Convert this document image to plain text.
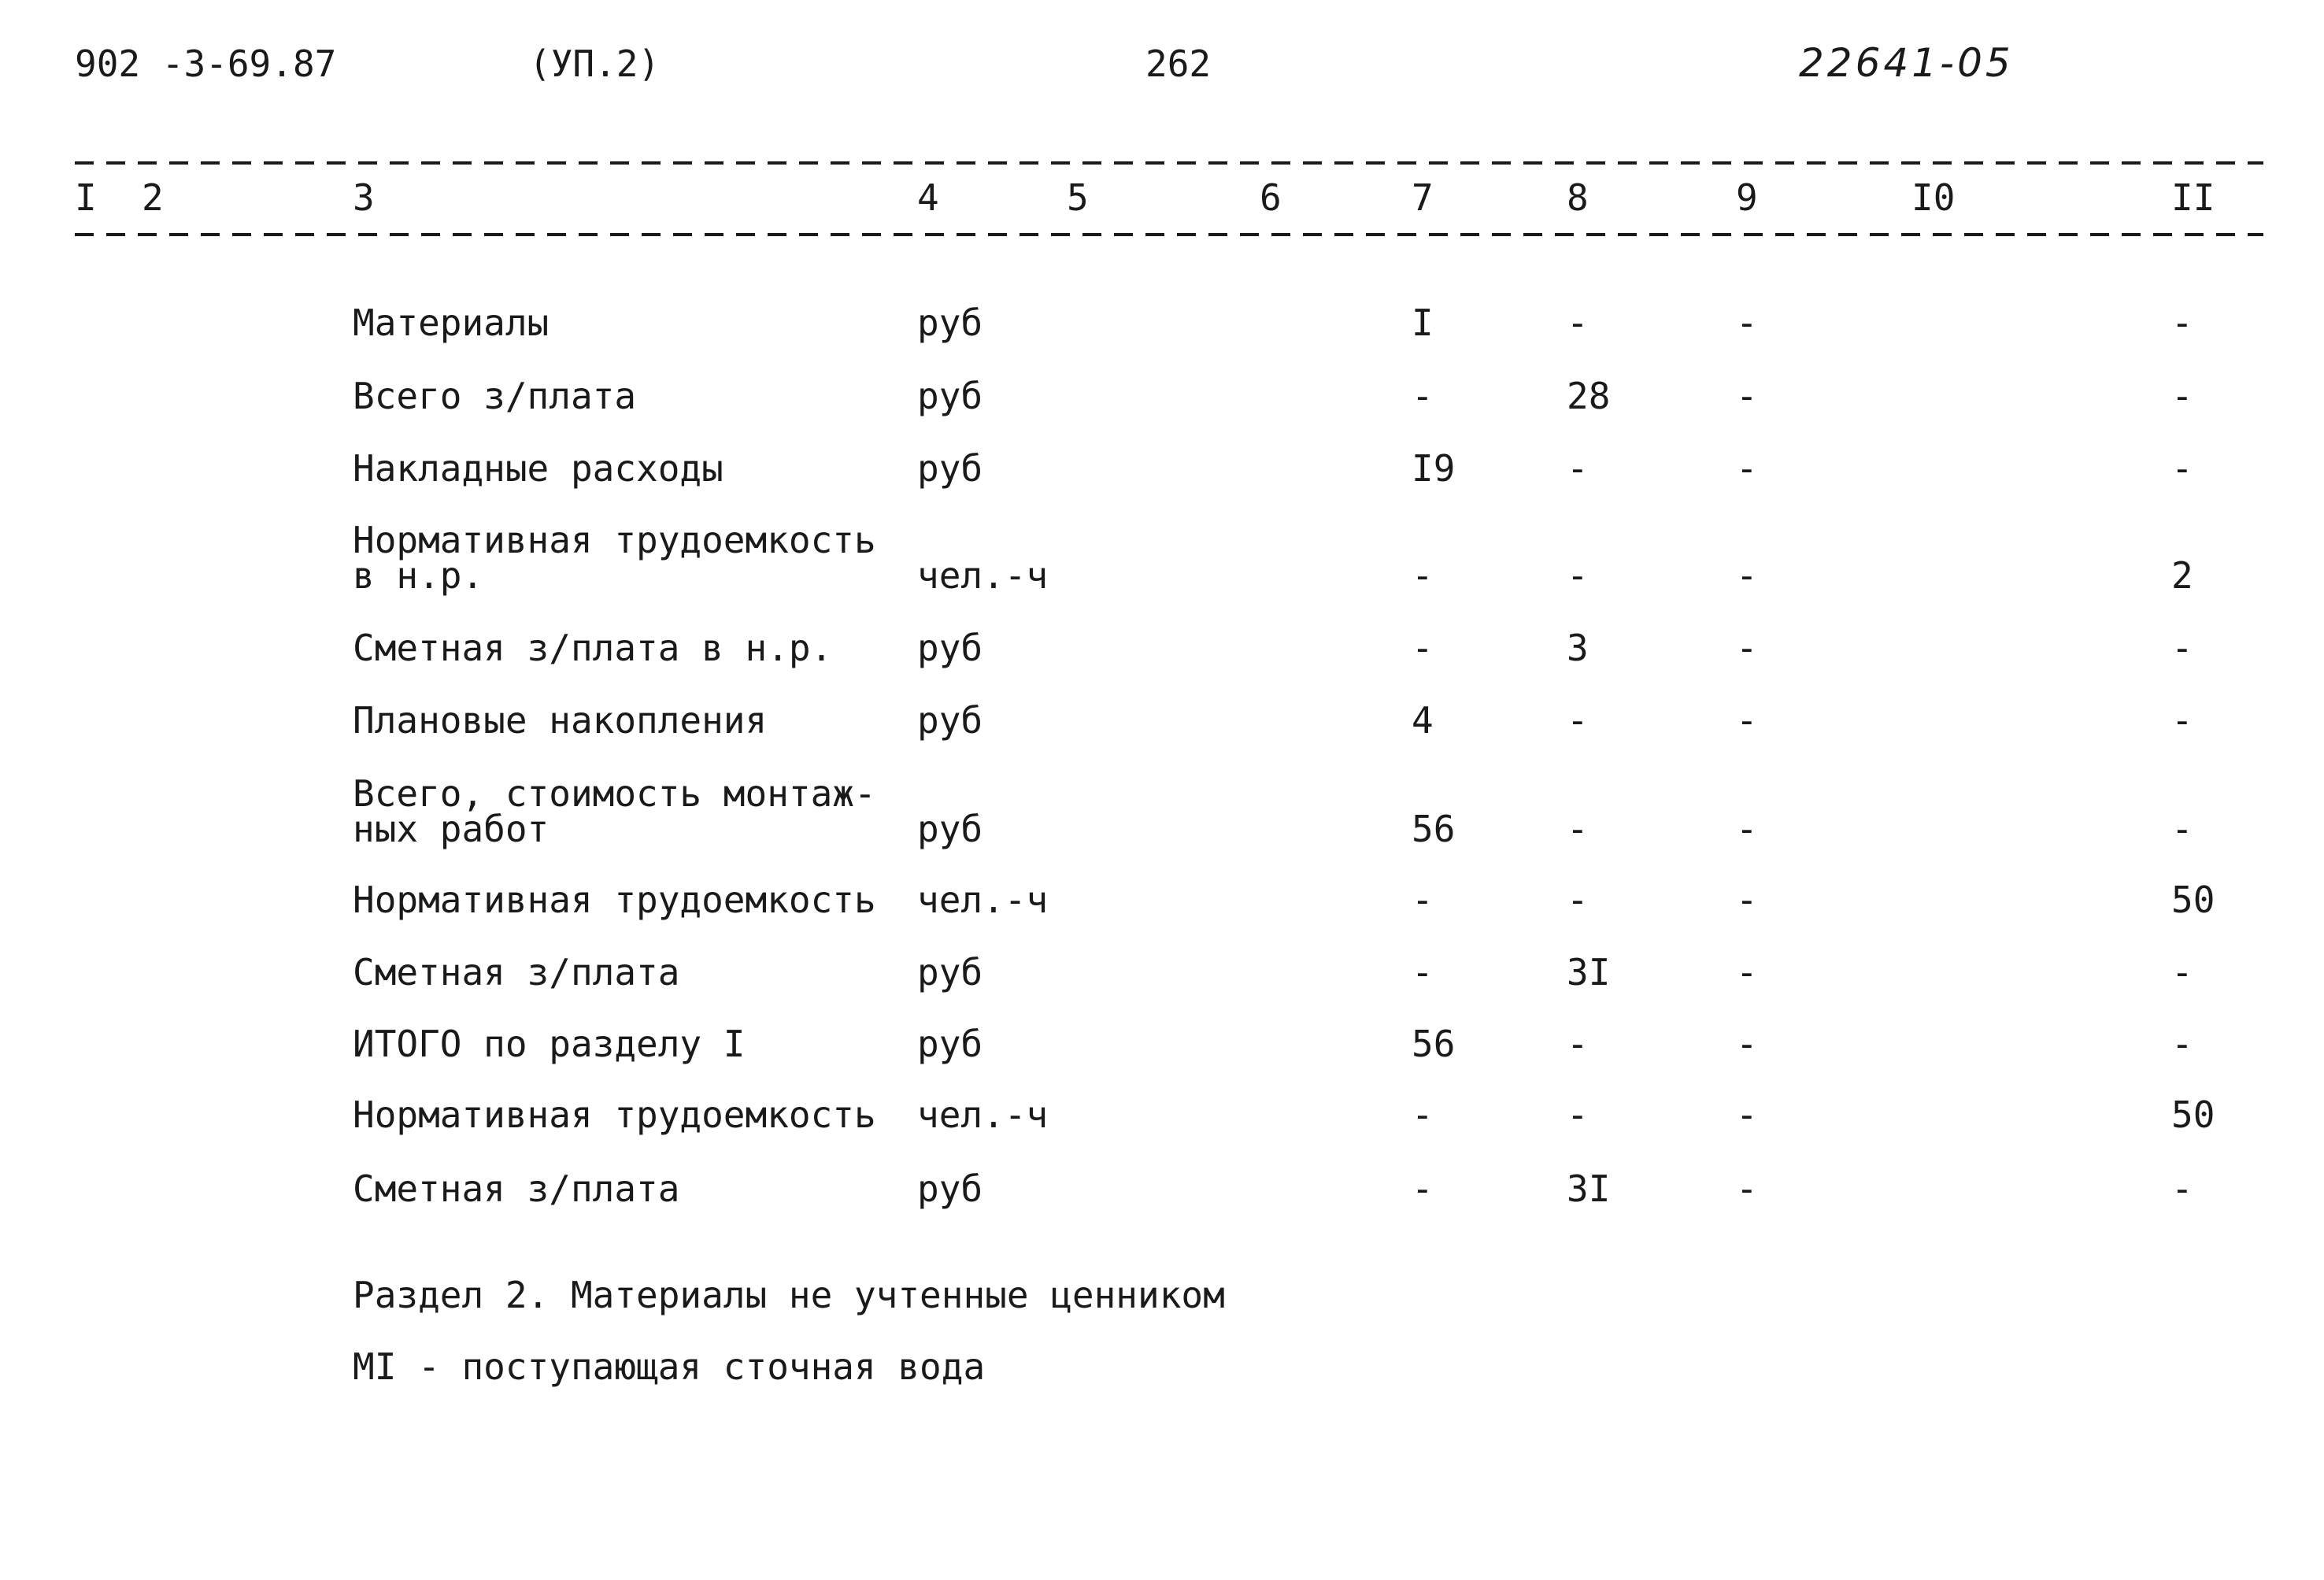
902 -3-69.87	(УП.2)	262	22641-05
I 2	3	4	5	6	7	8	9	I0	II
Материалы	руб	I	-	-	-
Всего з/плата	руб	-	28	-	-
Накладные расходы	руб	I9	-	-	-
Нормативная трудоемкость
в н.р.	чел.-ч	-	-	-	2
Сметная з/плата в н.р. руб	-	3	-	-
Плановые накопления	руб	4	-	-	-
Всего, стоимость монтаж-
ных работ	руб	56	-	-	-
Нормативная трудоемкость чел.-ч	-	-	-	50
Сметная з/плата	руб	-	3I	-	-
ИТОГО по разделу I	руб	56	-	-	-
Нормативная трудоемкость чел.-ч	-	-	-	50
Сметная з/плата	руб	-	3I	-	-
Раздел 2. Материалы не учтенные ценником
МI - поступающая сточная вода
